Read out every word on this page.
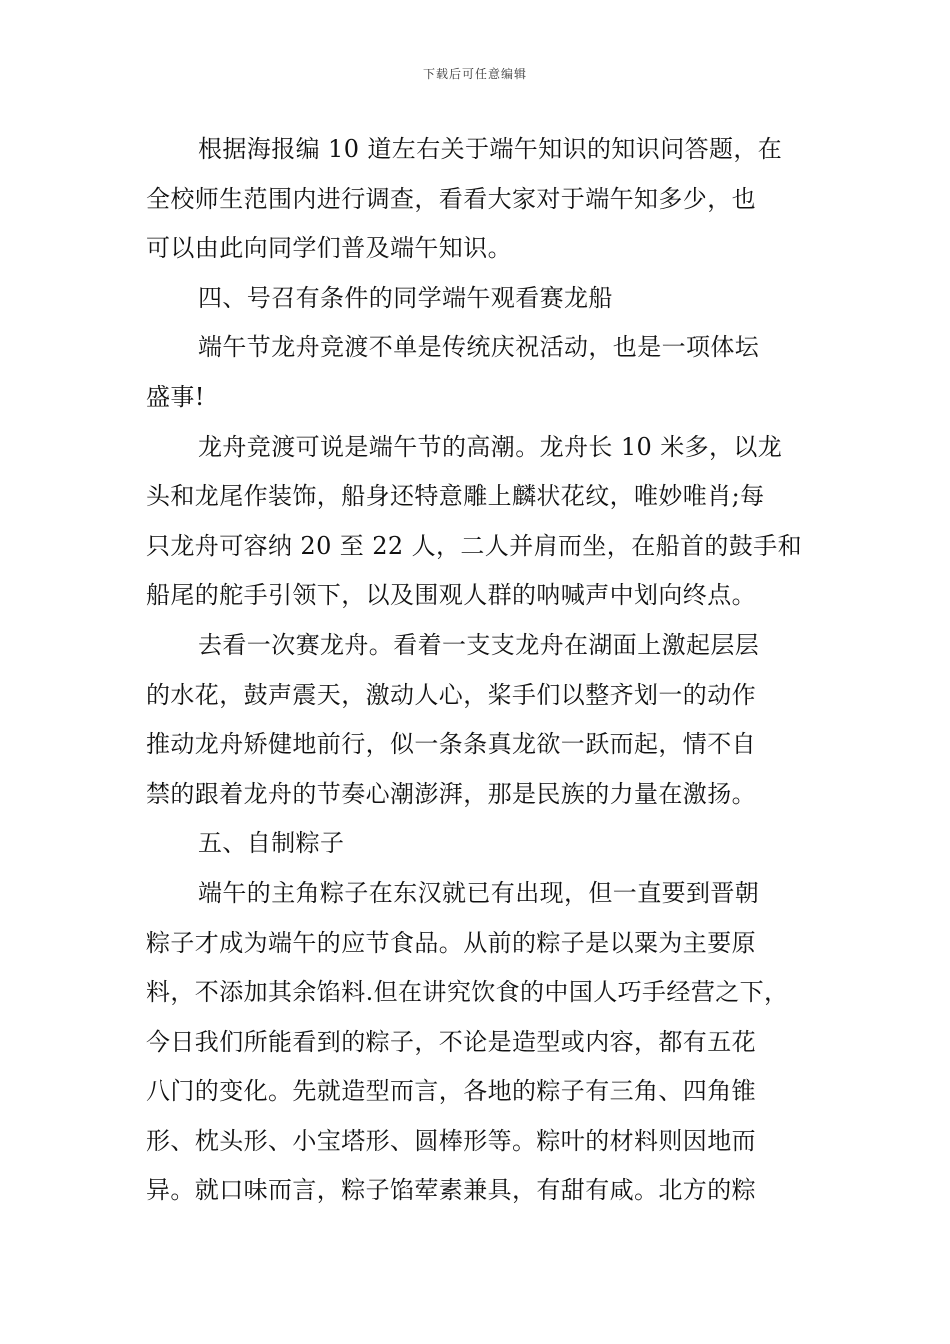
下载后可任意编辑
根据海报编 10 道左右关于端午知识的知识问答题，在
全校师生范围内进行调查，看看大家对于端午知多少，也
可以由此向同学们普及端午知识。
四、号召有条件的同学端午观看赛龙船
端午节龙舟竞渡不单是传统庆祝活动，也是一项体坛
盛事!
龙舟竞渡可说是端午节的高潮。龙舟长 10 米多，以龙
头和龙尾作装饰，船身还特意雕上麟状花纹，唯妙唯肖;每
只龙舟可容纳 20 至 22 人，二人并肩而坐，在船首的鼓手和
船尾的舵手引领下，以及围观人群的呐喊声中划向终点。
去看一次赛龙舟。看着一支支龙舟在湖面上激起层层
的水花，鼓声震天，激动人心，桨手们以整齐划一的动作
推动龙舟矫健地前行，似一条条真龙欲一跃而起，情不自
禁的跟着龙舟的节奏心潮澎湃，那是民族的力量在激扬。
五、自制粽子
端午的主角粽子在东汉就已有出现，但一直要到晋朝
粽子才成为端午的应节食品。从前的粽子是以粟为主要原
料，不添加其余馅料.但在讲究饮食的中国人巧手经营之下，
今日我们所能看到的粽子，不论是造型或内容，都有五花
八门的变化。先就造型而言，各地的粽子有三角、四角锥
形、枕头形、小宝塔形、圆棒形等。粽叶的材料则因地而
异。就口味而言，粽子馅荤素兼具，有甜有咸。北方的粽
